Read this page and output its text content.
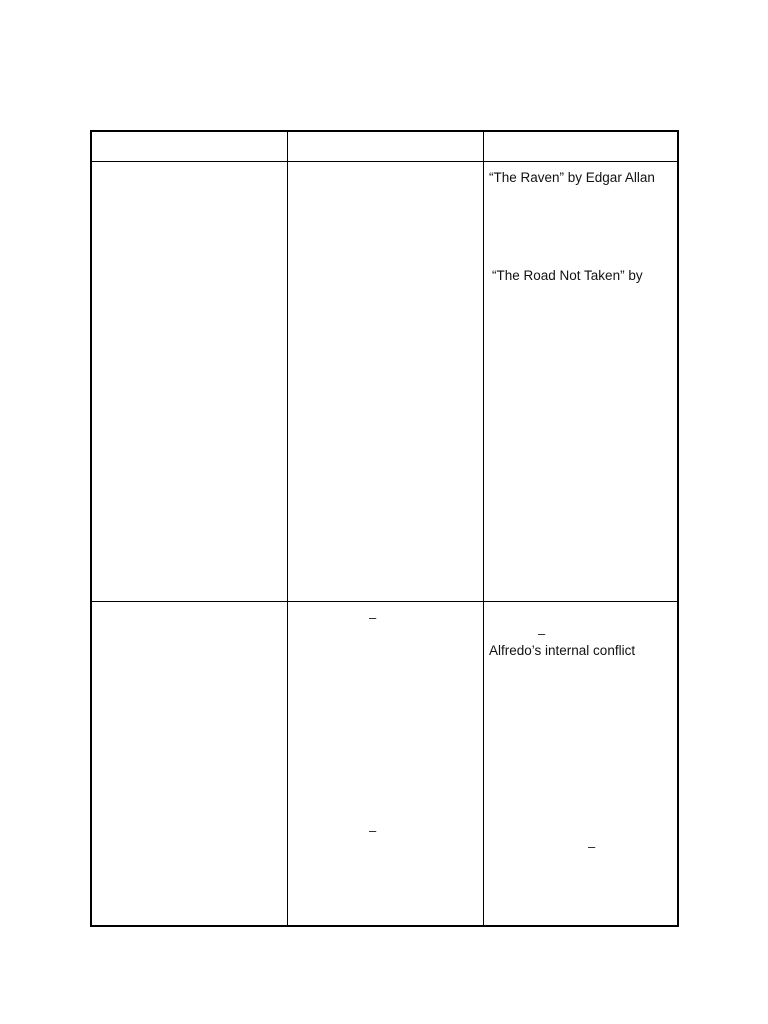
“The Raven” by Edgar Allan
“The Road Not Taken” by
–
–
–
Alfredo’s internal conflict
–
